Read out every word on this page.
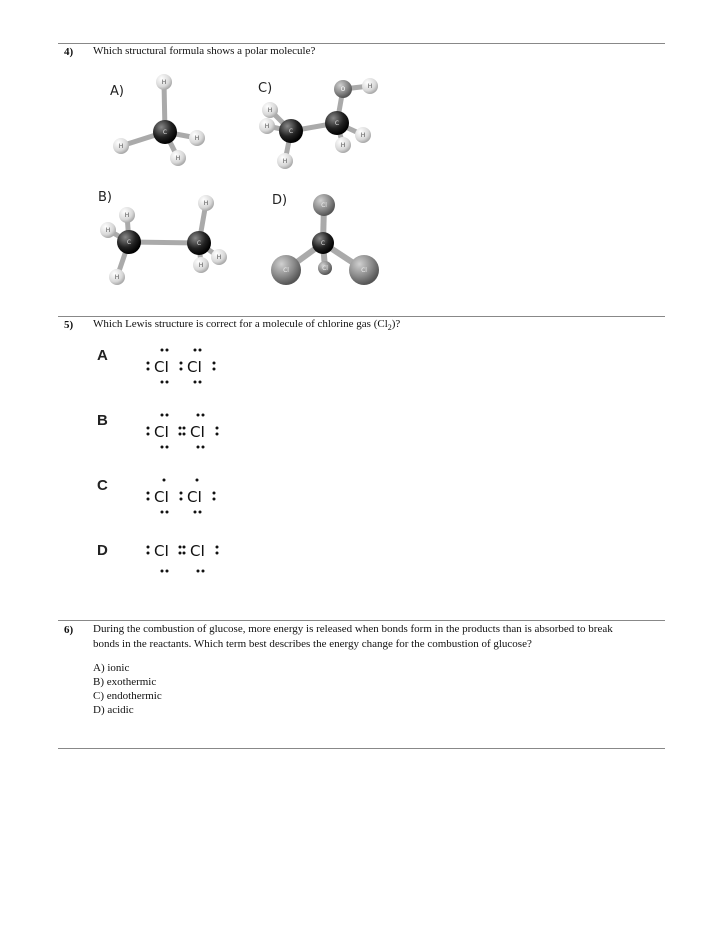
4) Which structural formula shows a polar molecule?
A)	C)
B)	D)
H
H
H
H
C
H
H
H
H
H
H
O
C
C
H
H
H
H
H
H
C	C
Cl
Cl	Cl
Cl
C
5) Which Lewis structure is correct for a molecule of chlorine gas $(Cl_2)$?
A
B
C
D
CI CI
CI CI
CI CI
CI CI
6) During the combustion of glucose, more energy is released when bonds form in the products than is absorbed to break
bonds in the reactants. Which term best describes the energy change for the combustion of glucose?
A) ionic
B) exothermic
C) endothermic
D) acidic
